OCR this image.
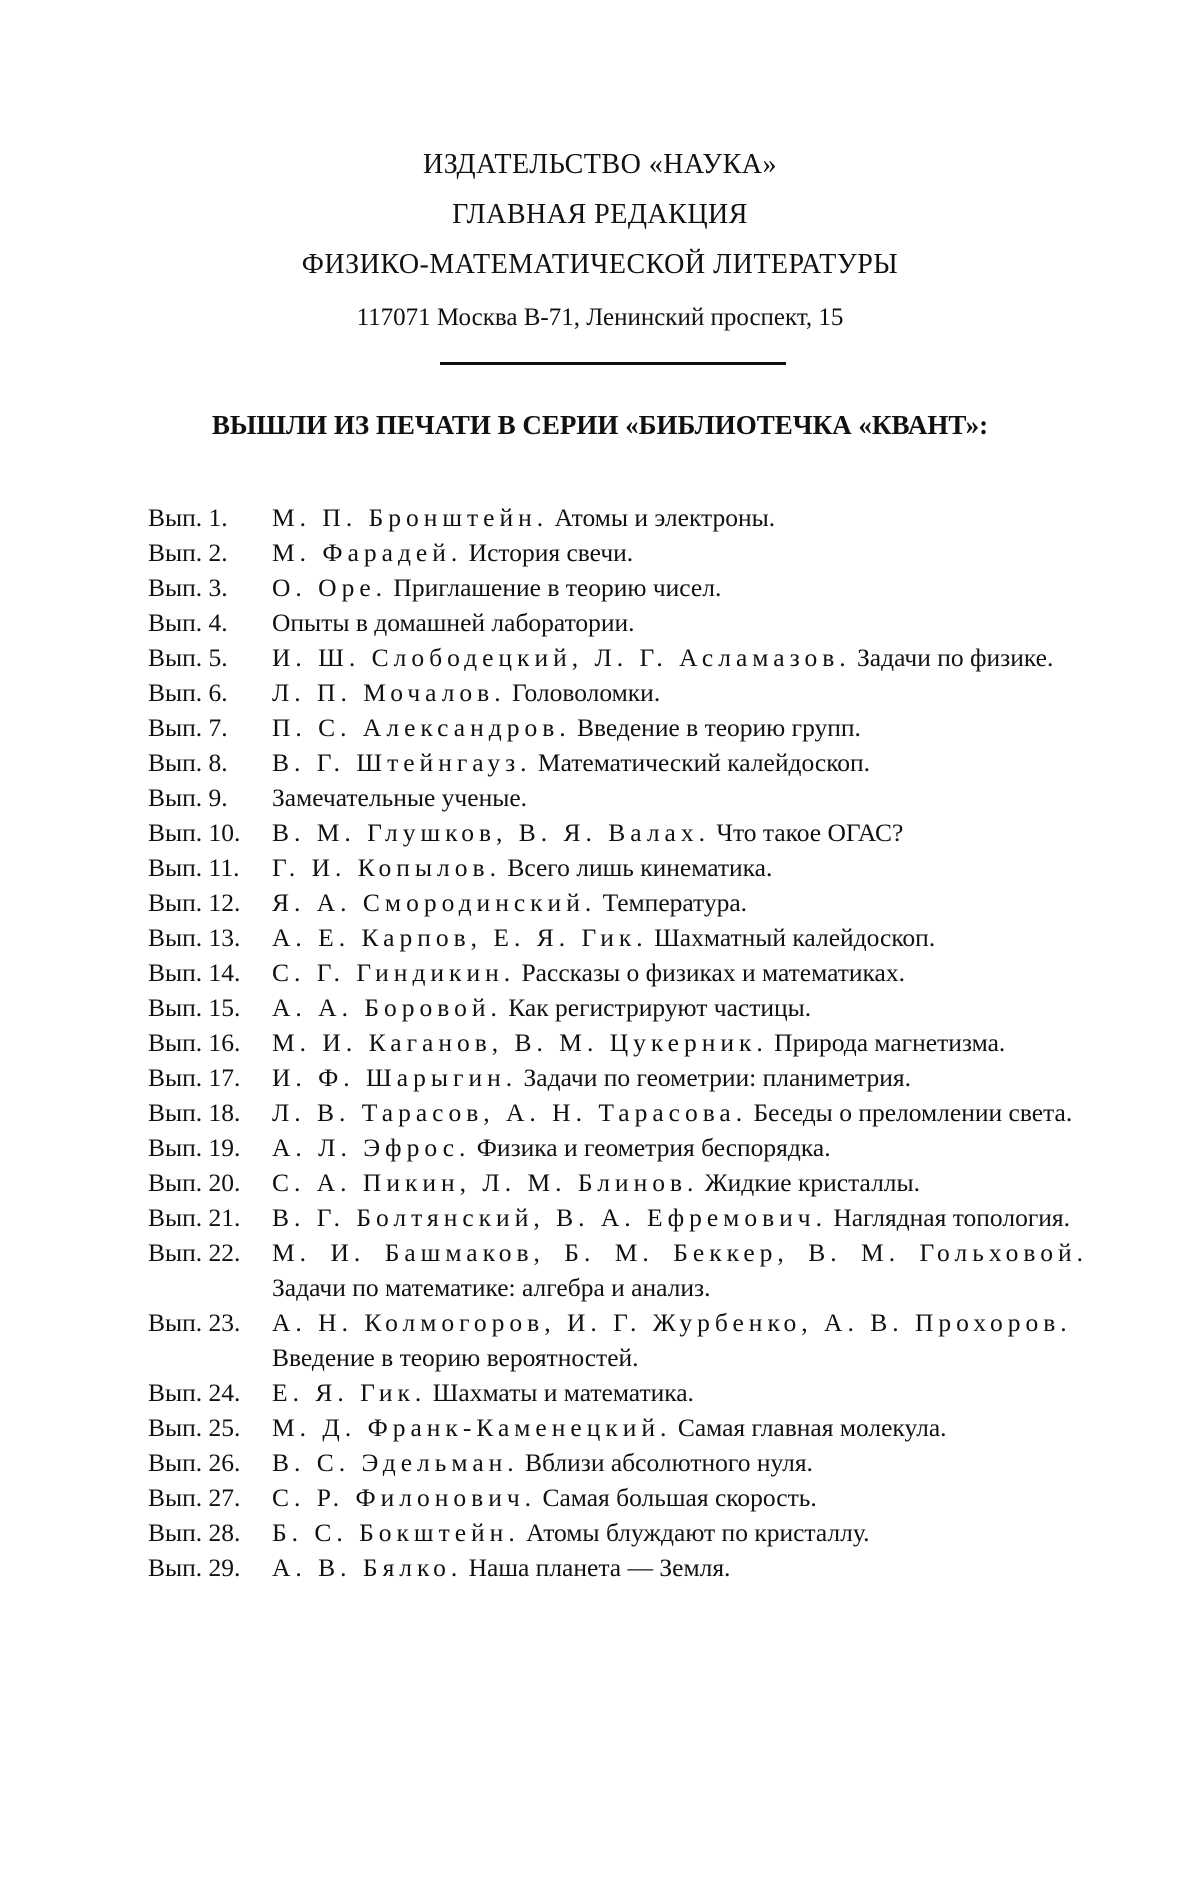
ИЗДАТЕЛЬСТВО «НАУКА»
ГЛАВНАЯ РЕДАКЦИЯ
ФИЗИКО-МАТЕМАТИЧЕСКОЙ ЛИТЕРАТУРЫ
117071 Москва В-71, Ленинский проспект, 15
ВЫШЛИ ИЗ ПЕЧАТИ В СЕРИИ «БИБЛИОТЕЧКА «КВАНТ»:
Вып. 1.	М. П. Бронштейн. Атомы и электроны.
Вып. 2.	М. Фарадей. История свечи.
Вып. 3.	О. Оре. Приглашение в теорию чисел.
Вып. 4.	Опыты в домашней лаборатории.
Вып. 5.	И. Ш. Слободецкий, Л. Г. Асламазов. Задачи по физике.
Вып. 6.	Л. П. Мочалов. Головоломки.
Вып. 7.	П. С. Александров. Введение в теорию групп.
Вып. 8.	В. Г. Штейнгауз. Математический калейдоскоп.
Вып. 9.	Замечательные ученые.
Вып. 10.	В. М. Глушков, В. Я. Валах. Что такое ОГАС?
Вып. 11.	Г. И. Копылов. Всего лишь кинематика.
Вып. 12.	Я. А. Смородинский. Температура.
Вып. 13.	А. Е. Карпов, Е. Я. Гик. Шахматный калейдоскоп.
Вып. 14.	С. Г. Гиндикин. Рассказы о физиках и математиках.
Вып. 15.	А. А. Боровой. Как регистрируют частицы.
Вып. 16.	М. И. Каганов, В. М. Цукерник. Природа магнетизма.
Вып. 17.	И. Ф. Шарыгин. Задачи по геометрии: планиметрия.
Вып. 18.	Л. В. Тарасов, А. Н. Тарасова. Беседы о преломлении света.
Вып. 19.	А. Л. Эфрос. Физика и геометрия беспорядка.
Вып. 20.	С. А. Пикин, Л. М. Блинов. Жидкие кристаллы.
Вып. 21.	В. Г. Болтянский, В. А. Ефремович. Наглядная топология.
Вып. 22.	М. И. Башмаков, Б. М. Беккер, В. М. Гольховой. Задачи по математике: алгебра и анализ.
Вып. 23.	А. Н. Колмогоров, И. Г. Журбенко, А. В. Прохоров.
Введение в теорию вероятностей.
Вып. 24.	Е. Я. Гик. Шахматы и математика.
Вып. 25.	М. Д. Франк-Каменецкий. Самая главная молекула.
Вып. 26.	В. С. Эдельман. Вблизи абсолютного нуля.
Вып. 27.	С. Р. Филонович. Самая большая скорость.
Вып. 28.	Б. С. Бокштейн. Атомы блуждают по кристаллу.
Вып. 29.	А. В. Бялко. Наша планета — Земля.
